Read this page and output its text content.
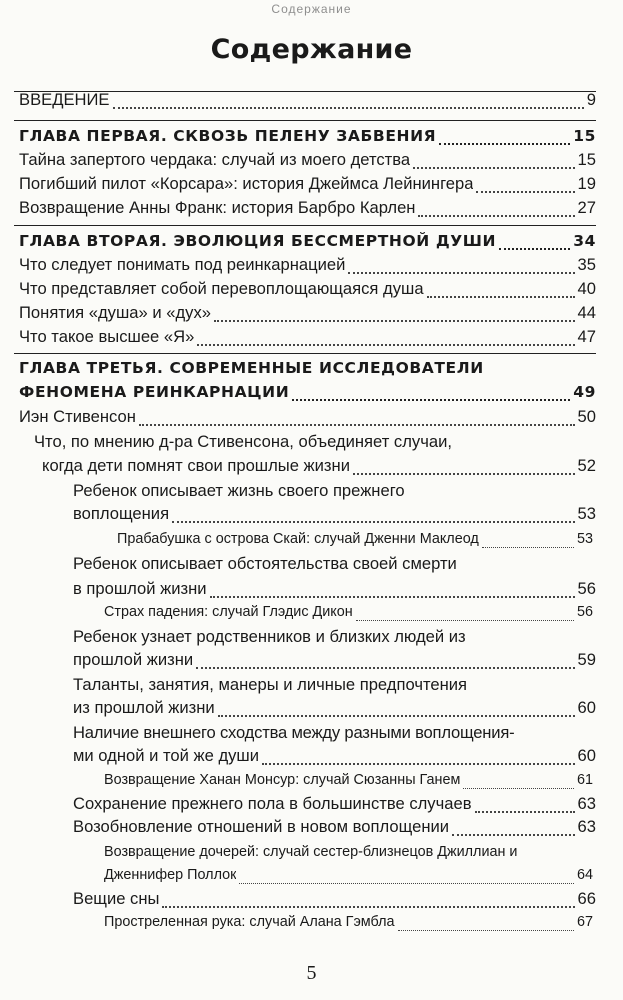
Содержание
Содержание
ВВЕДЕНИЕ	9
ГЛАВА ПЕРВАЯ. СКВОЗЬ ПЕЛЕНУ ЗАБВЕНИЯ	15
Тайна запертого чердака: случай из моего детства	15
Погибший пилот «Корсара»: история Джеймса Лейнингера	19
Возвращение Анны Франк: история Барбро Карлен	27
ГЛАВА ВТОРАЯ. ЭВОЛЮЦИЯ БЕССМЕРТНОЙ ДУШИ	34
Что следует понимать под реинкарнацией	35
Что представляет собой перевоплощающаяся душа	40
Понятия «душа» и «дух»	44
Что такое высшее «Я»	47
ГЛАВА ТРЕТЬЯ. СОВРЕМЕННЫЕ ИССЛЕДОВАТЕЛИ
ФЕНОМЕНА РЕИНКАРНАЦИИ	49
Иэн Стивенсон	50
Что, по мнению д-ра Стивенсона, объединяет случаи,
когда дети помнят свои прошлые жизни	52
Ребенок описывает жизнь своего прежнего
воплощения	53
Прабабушка с острова Скай: случай Дженни Маклеод	53
Ребенок описывает обстоятельства своей смерти
в прошлой жизни	56
Страх падения: случай Глэдис Дикон	56
Ребенок узнает родственников и близких людей из
прошлой жизни	59
Таланты, занятия, манеры и личные предпочтения
из прошлой жизни	60
Наличие внешнего сходства между разными воплощения-
ми одной и той же души	60
Возвращение Ханан Монсур: случай Сюзанны Ганем	61
Сохранение прежнего пола в большинстве случаев	63
Возобновление отношений в новом воплощении	63
Возвращение дочерей: случай сестер-близнецов Джиллиан и
Дженнифер Поллок	64
Вещие сны	66
Простреленная рука: случай Алана Гэмбла	67
5
